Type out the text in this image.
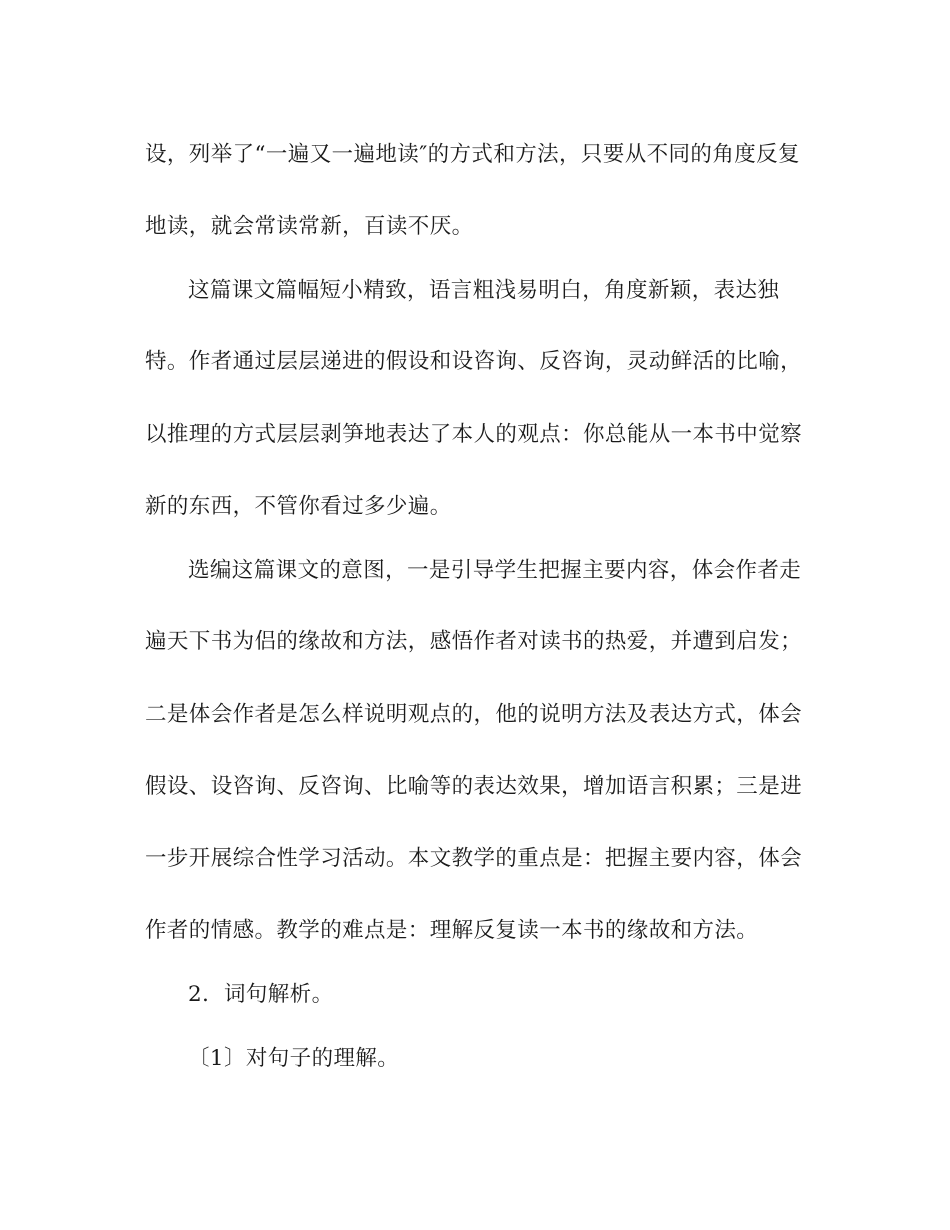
设，列举了“一遍又一遍地读″的方式和方法，只要从不同的角度反复

地读，就会常读常新，百读不厌。

这篇课文篇幅短小精致，语言粗浅易明白，角度新颖，表达独

特。作者通过层层递进的假设和设咨询、反咨询，灵动鲜活的比喻，

以推理的方式层层剥笋地表达了本人的观点：你总能从一本书中觉察

新的东西，不管你看过多少遍。

选编这篇课文的意图，一是引导学生把握主要内容，体会作者走

遍天下书为侣的缘故和方法，感悟作者对读书的热爱，并遭到启发；

二是体会作者是怎么样说明观点的，他的说明方法及表达方式，体会

假设、设咨询、反咨询、比喻等的表达效果，增加语言积累；三是进

一步开展综合性学习活动。本文教学的重点是：把握主要内容，体会

作者的情感。教学的难点是：理解反复读一本书的缘故和方法。

2．词句解析。

〔1〕对句子的理解。
